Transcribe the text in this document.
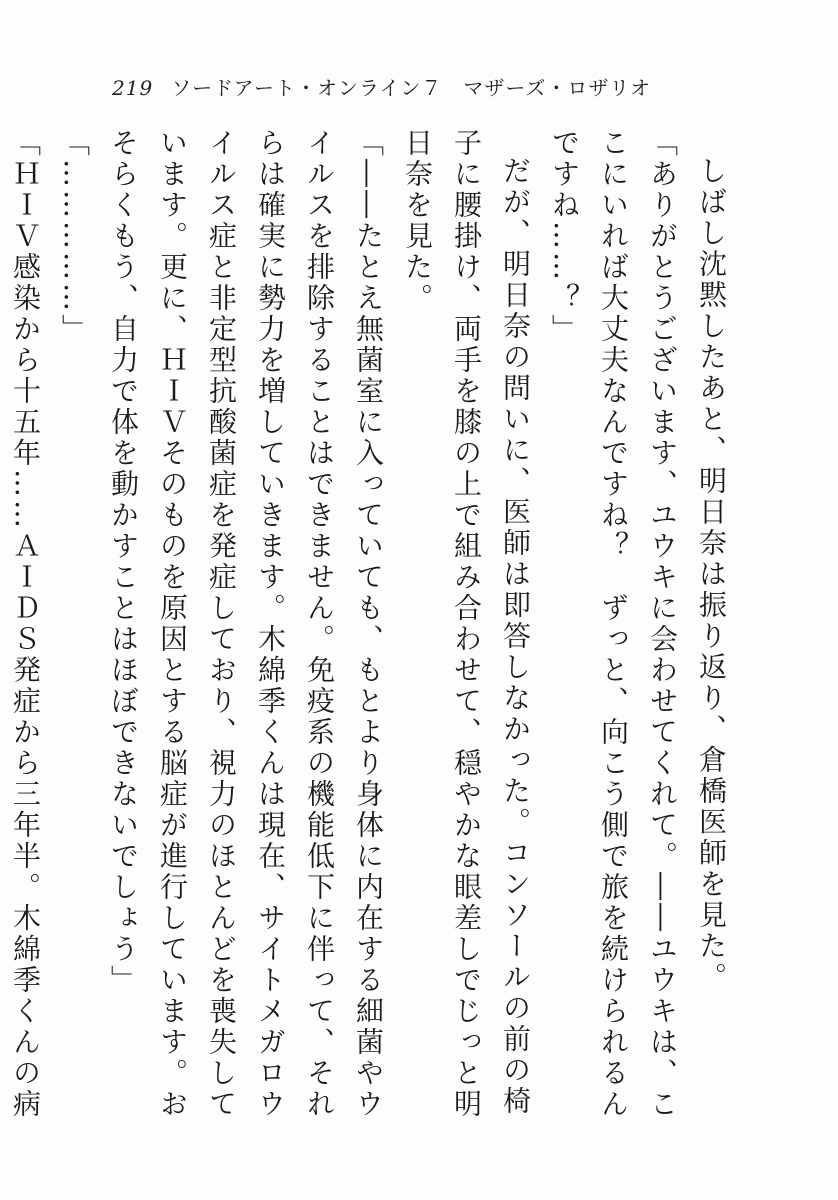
219 ソードアート・オンライン７　マザーズ・ロザリオ

しばし沈黙したあと、明日奈は振り返り、倉橋医師を見た。

「ありがとうございます、ユウキに会わせてくれて。――ユウキは、ここにいれば大丈夫なんですね？　ずっと、向こう側で旅を続けられるんですね……？」

だが、明日奈の問いに、医師は即答しなかった。コンソールの前の椅子に腰掛け、両手を膝の上で組み合わせて、穏やかな眼差しでじっと明日奈を見た。

「――たとえ無菌室に入っていても、もとより身体に内在する細菌やウイルスを排除することはできません。免疫系の機能低下に伴って、それらは確実に勢力を増していきます。木綿季くんは現在、サイトメガロウイルス症と非定型抗酸菌症を発症しており、視力のほとんどを喪失しています。更に、ＨＩＶそのものを原因とする脳症が進行しています。おそらくもう、自力で体を動かすことはほぼできないでしょう」

「……………」

「ＨＩＶ感染から十五年……ＡＩＤＳ発症から三年半。木綿季くんの病
